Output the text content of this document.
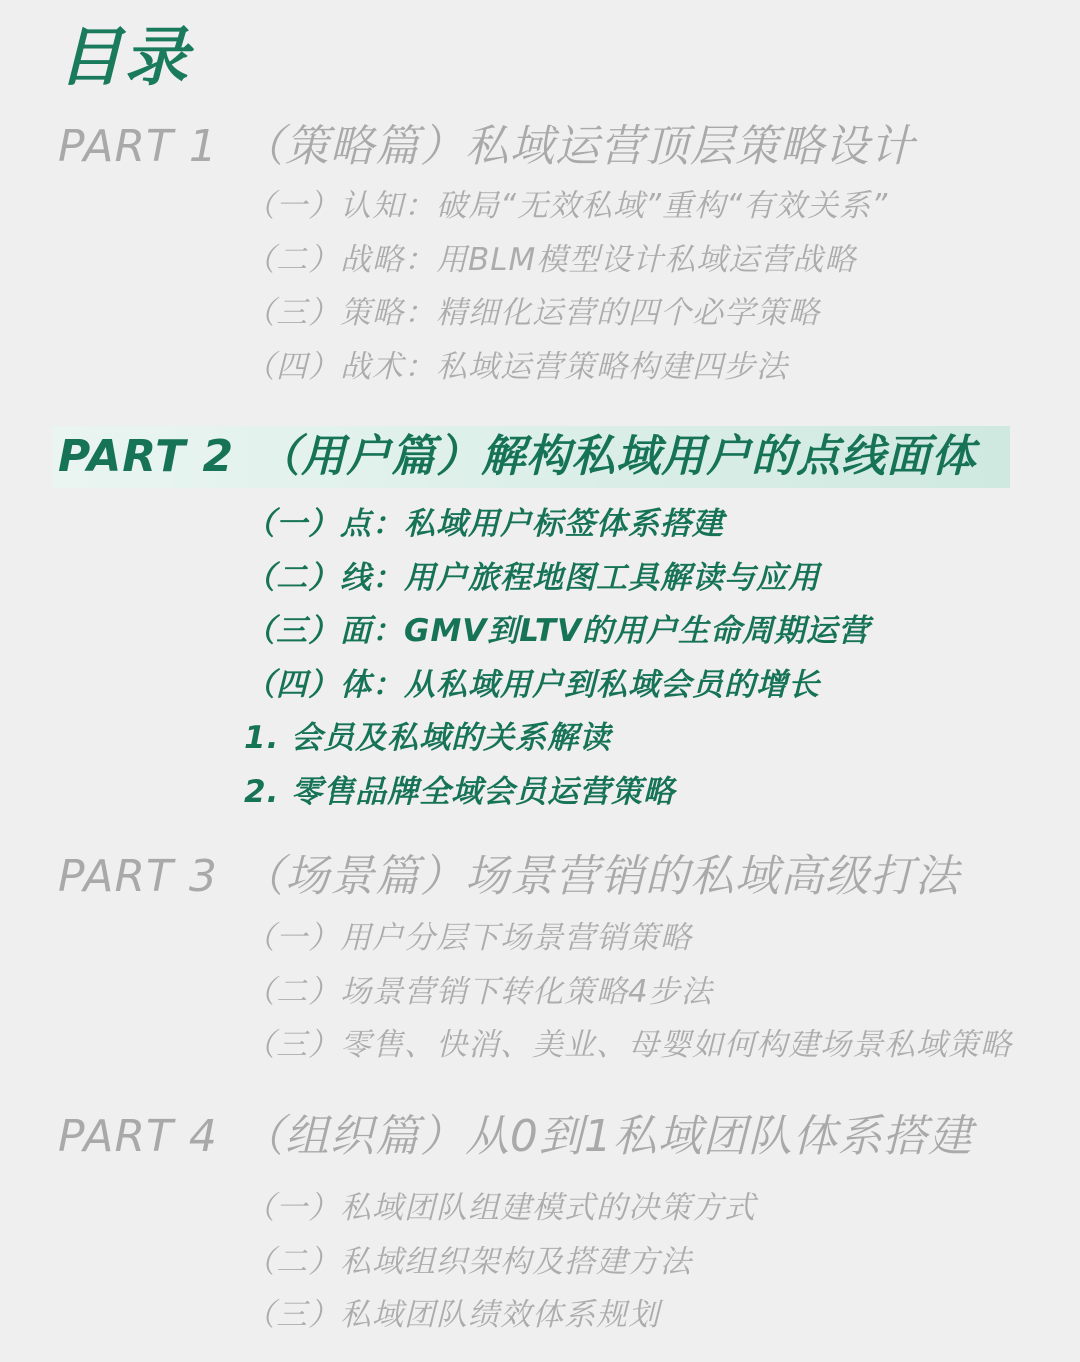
目录
PART 1 （策略篇）私域运营顶层策略设计
（一）认知：破局“无效私域”重构“有效关系”
（二）战略：用BLM模型设计私域运营战略
（三）策略：精细化运营的四个必学策略
（四）战术：私域运营策略构建四步法
PART 2 （用户篇）解构私域用户的点线面体
（一）点：私域用户标签体系搭建
（二）线：用户旅程地图工具解读与应用
（三）面：GMV到LTV的用户生命周期运营
（四）体：从私域用户到私域会员的增长
1. 会员及私域的关系解读
2. 零售品牌全域会员运营策略
PART 3 （场景篇）场景营销的私域高级打法
（一）用户分层下场景营销策略
（二）场景营销下转化策略4步法
（三）零售、快消、美业、母婴如何构建场景私域策略
PART 4 （组织篇）从0到1私域团队体系搭建
（一）私域团队组建模式的决策方式
（二）私域组织架构及搭建方法
（三）私域团队绩效体系规划
